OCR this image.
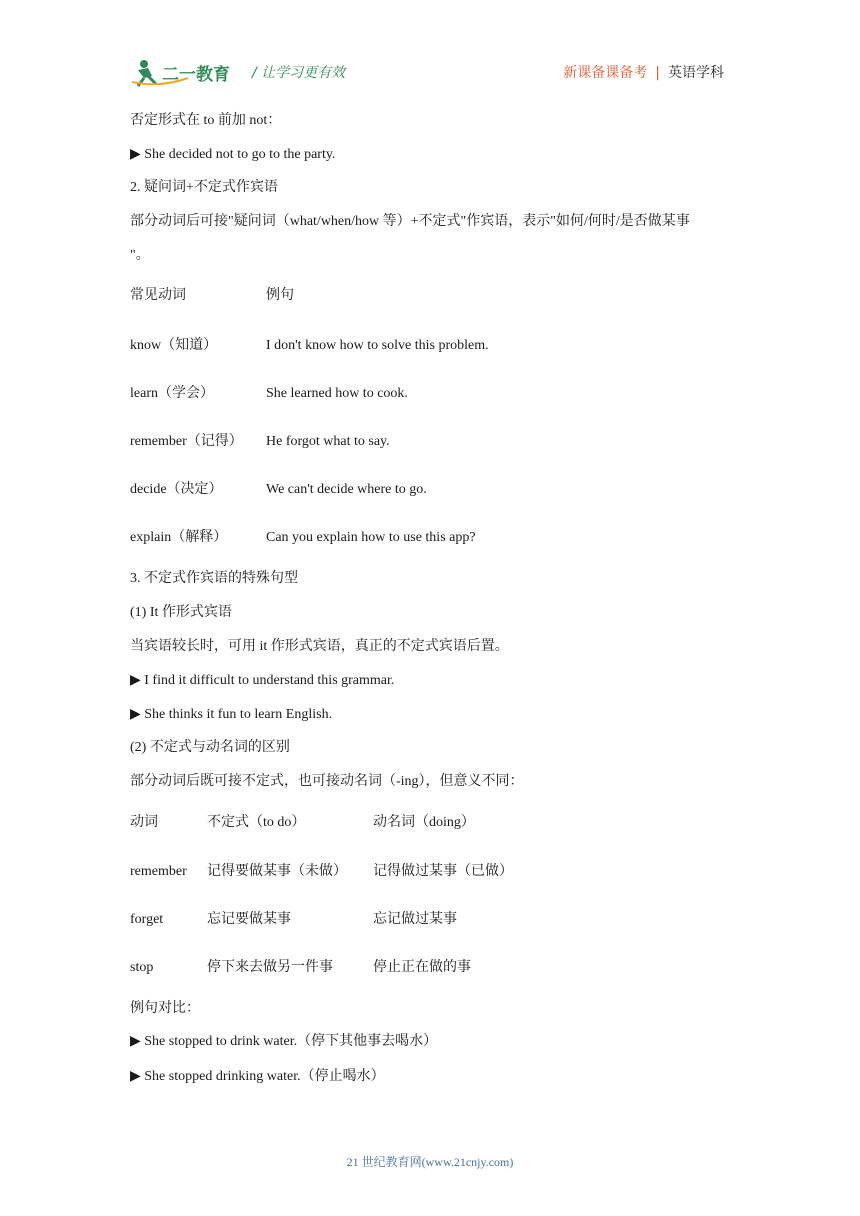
二一教育 / 让学习更有效	新课备课备考 | 英语学科
否定形式在 to 前加 not：
▶ She decided not to go to the party.
2. 疑问词+不定式作宾语
部分动词后可接"疑问词（what/when/how 等）+不定式"作宾语，表示"如何/何时/是否做某事
"。
常见动词	例句
know（知道）	I don't know how to solve this problem.
learn（学会）	She learned how to cook.
remember（记得） He forgot what to say.
decide（决定）	We can't decide where to go.
explain（解释）	Can you explain how to use this app?
3. 不定式作宾语的特殊句型
(1) It 作形式宾语
当宾语较长时，可用 it 作形式宾语，真正的不定式宾语后置。
▶ I find it difficult to understand this grammar.
▶ She thinks it fun to learn English.
(2) 不定式与动名词的区别
部分动词后既可接不定式，也可接动名词（-ing），但意义不同：
动词	不定式（to do）	动名词（doing）
remember 记得要做某事（未做） 记得做过某事（已做）
forget	忘记要做某事	忘记做过某事
stop	停下来去做另一件事	停止正在做的事
例句对比：
▶ She stopped to drink water.（停下其他事去喝水）
▶ She stopped drinking water.（停止喝水）
21 世纪教育网(www.21cnjy.com)
